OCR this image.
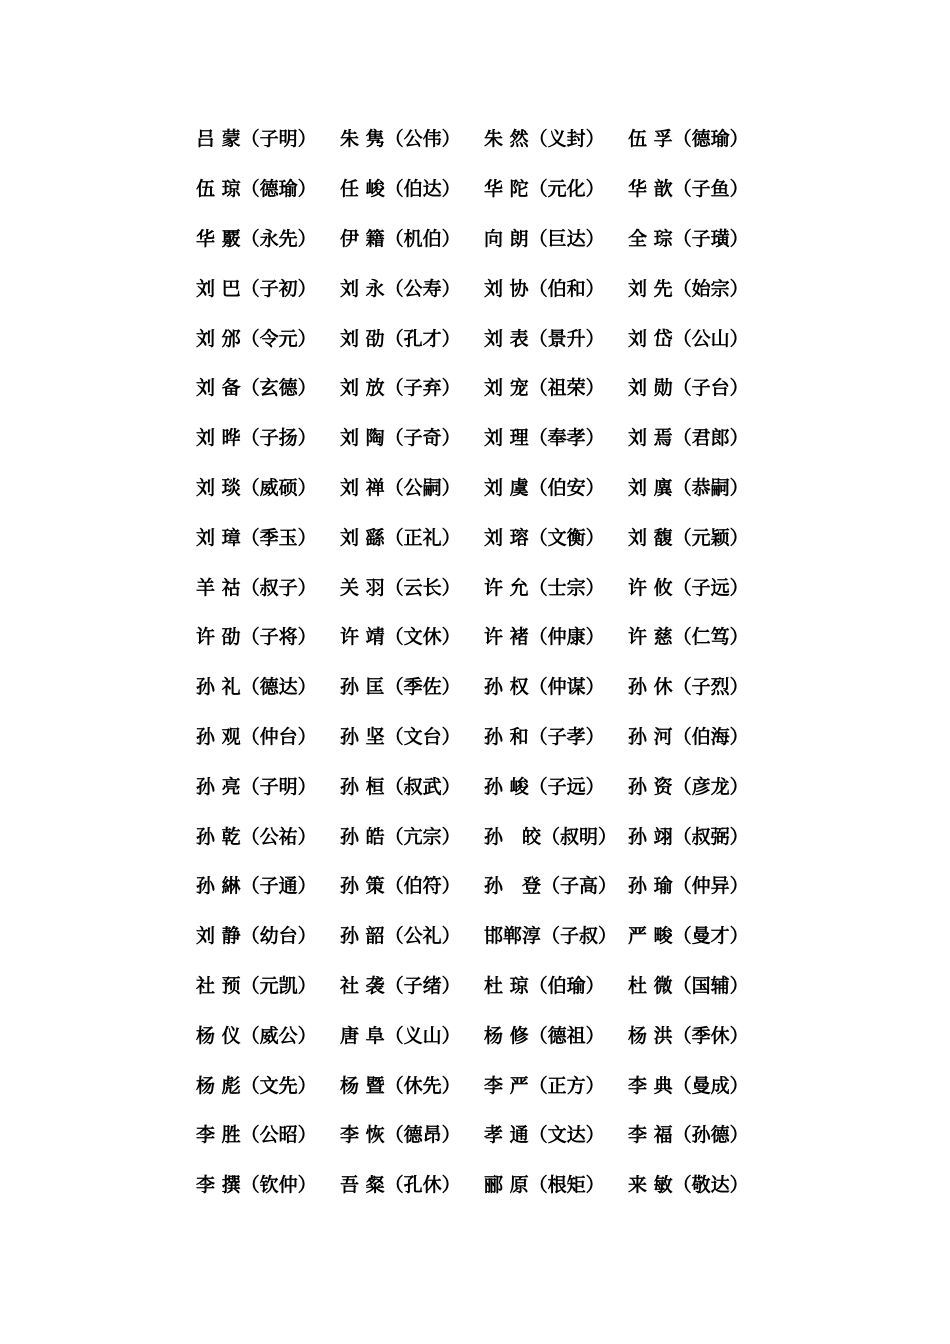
吕 蒙（子明）	朱 隽（公伟）	朱 然（义封）	伍 孚（德瑜）
伍 琼（德瑜）	任 峻（伯达）	华 陀（元化）	华 歆（子鱼）
华 覈（永先）	伊 籍（机伯）	向 朗（巨达）	全 琮（子璜）
刘 巴（子初）	刘 永（公寿）	刘 协（伯和）	刘 先（始宗）
刘 邠（令元）	刘 劭（孔才）	刘 表（景升）	刘 岱（公山）
刘 备（玄德）	刘 放（子弃）	刘 宠（祖荣）	刘 勋（子台）
刘 晔（子扬）	刘 陶（子奇）	刘 理（奉孝）	刘 焉（君郎）
刘 琰（威硕）	刘 禅（公嗣）	刘 虞（伯安）	刘 廙（恭嗣）
刘 璋（季玉）	刘 繇（正礼）	刘 瑢（文衡）	刘 馥（元颖）
羊 祜（叔子）	关 羽（云长）	许 允（士宗）	许 攸（子远）
许 劭（子将）	许 靖（文休）	许 褚（仲康）	许 慈（仁笃）
孙 礼（德达）	孙 匡（季佐）	孙 权（仲谋）	孙 休（子烈）
孙 观（仲台）	孙 坚（文台）	孙 和（子孝）	孙 河（伯海）
孙 亮（子明）	孙 桓（叔武）	孙 峻（子远）	孙 资（彦龙）
孙 乾（公祐）	孙 皓（亢宗）	孙　皎（叔明） 孙 翊（叔弼）
孙 綝（子通）	孙 策（伯符）	孙　登（子高） 孙 瑜（仲异）
刘 静（幼台）	孙 韶（公礼）	邯郸淳（子叔） 严 畯（曼才）
社 预（元凯）	社 袭（子绪）	杜 琼（伯瑜）	杜 微（国辅）
杨 仪（威公）	唐 阜（义山）	杨 修（德祖）	杨 洪（季休）
杨 彪（文先）	杨 暨（休先）	李 严（正方）	李 典（曼成）
李 胜（公昭）	李 恢（德昂）	孝 通（文达）	李 福（孙德）
李 撰（钦仲）	吾 粲（孔休）	郦 原（根矩）	来 敏（敬达）
